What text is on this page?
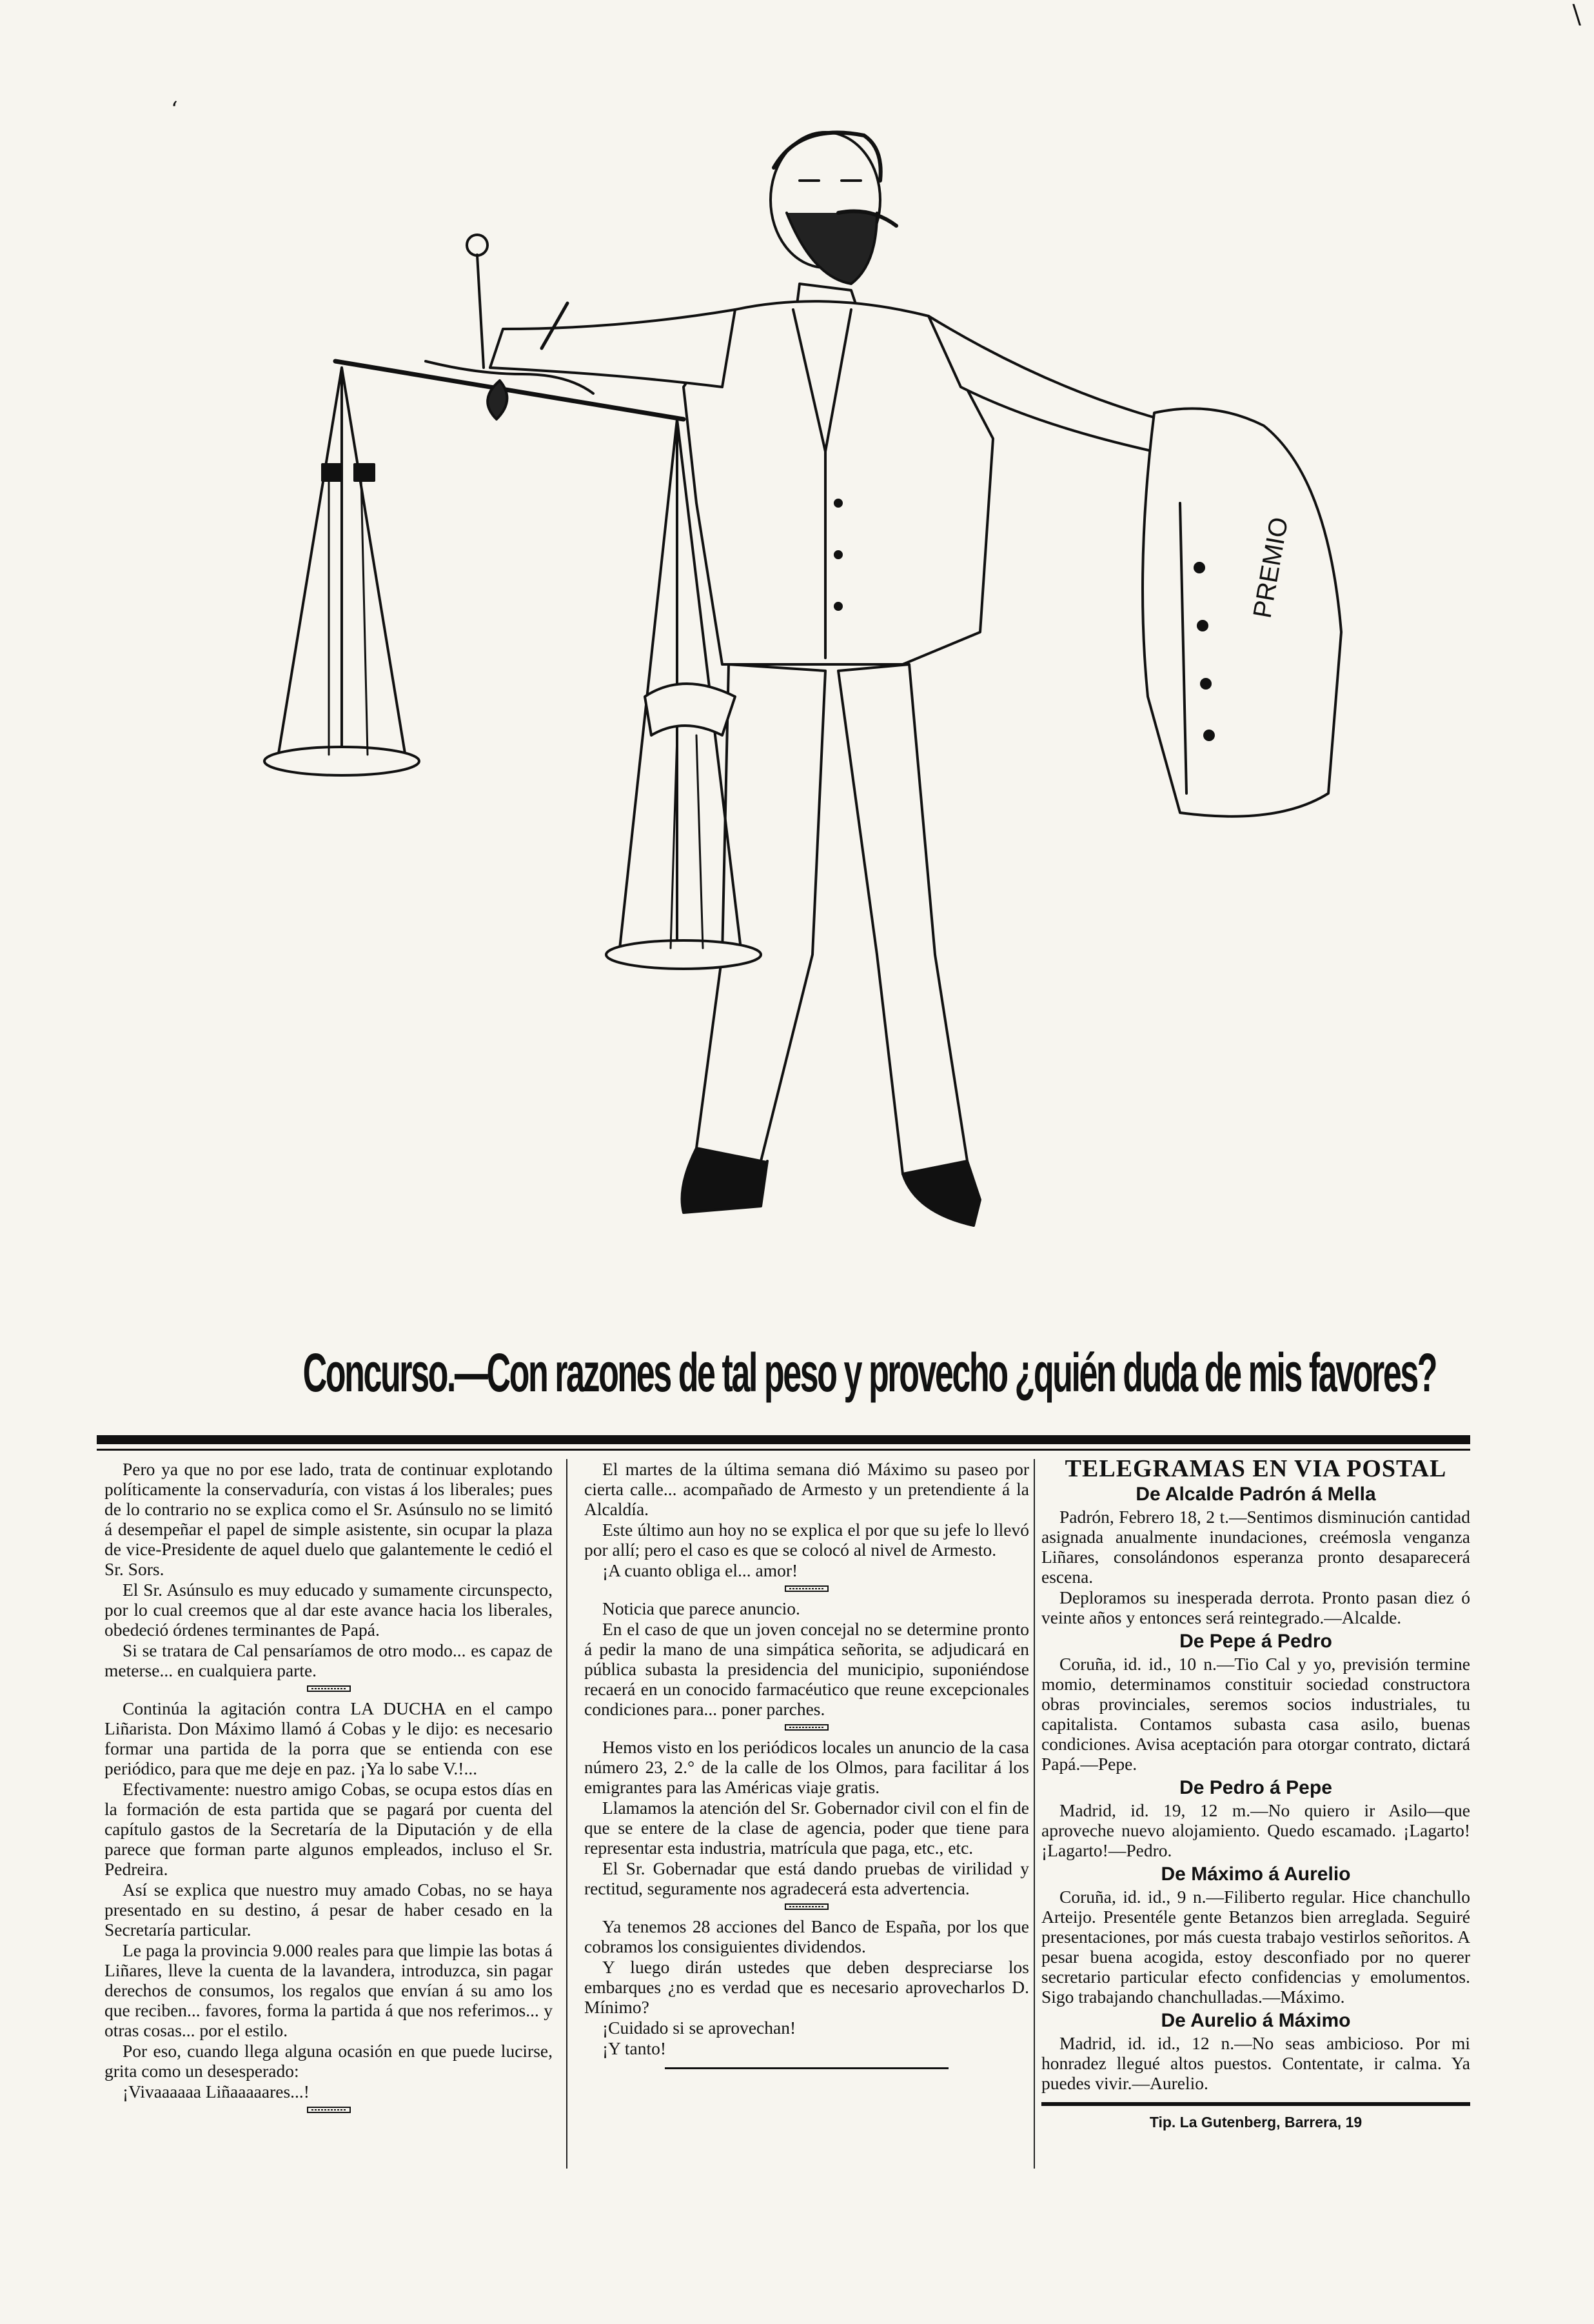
‘
\
PREMIO
Concurso.—Con razones de tal peso y provecho ¿quién duda de mis favores?

Pero ya que no por ese lado, trata de continuar explotando políticamente la conservaduría, con vistas á los liberales; pues de lo contrario no se explica como el Sr. Asúnsulo no se limitó á desempeñar el papel de simple asistente, sin ocupar la plaza de vice-Presidente de aquel duelo que galantemente le cedió el Sr. Sors.

El Sr. Asúnsulo es muy educado y sumamente circunspecto, por lo cual creemos que al dar este avance hacia los liberales, obedeció órdenes terminantes de Papá.

Si se tratara de Cal pensaríamos de otro modo... es capaz de meterse... en cualquiera parte.

Continúa la agitación contra LA DUCHA en el campo Liñarista. Don Máximo llamó á Cobas y le dijo: es necesario formar una partida de la porra que se entienda con ese periódico, para que me deje en paz. ¡Ya lo sabe V.!...

Efectivamente: nuestro amigo Cobas, se ocupa estos días en la formación de esta partida que se pagará por cuenta del capítulo gastos de la Secretaría de la Diputación y de ella parece que forman parte algunos empleados, incluso el Sr. Pedreira.

Así se explica que nuestro muy amado Cobas, no se haya presentado en su destino, á pesar de haber cesado en la Secretaría particular.

Le paga la provincia 9.000 reales para que limpie las botas á Liñares, lleve la cuenta de la lavandera, introduzca, sin pagar derechos de consumos, los regalos que envían á su amo los que reciben... favores, forma la partida á que nos referimos... y otras cosas... por el estilo.

Por eso, cuando llega alguna ocasión en que puede lucirse, grita como un desesperado:

¡Vivaaaaaa Liñaaaaares...!

El martes de la última semana dió Máximo su paseo por cierta calle... acompañado de Armesto y un pretendiente á la Alcaldía.

Este último aun hoy no se explica el por que su jefe lo llevó por allí; pero el caso es que se colocó al nivel de Armesto.

¡A cuanto obliga el... amor!

Noticia que parece anuncio.

En el caso de que un joven concejal no se determine pronto á pedir la mano de una simpática señorita, se adjudicará en pública subasta la presidencia del municipio, suponiéndose recaerá en un conocido farmacéutico que reune excepcionales condiciones para... poner parches.

Hemos visto en los periódicos locales un anuncio de la casa número 23, 2.° de la calle de los Olmos, para facilitar á los emigrantes para las Américas viaje gratis.

Llamamos la atención del Sr. Gobernador civil con el fin de que se entere de la clase de agencia, poder que tiene para representar esta industria, matrícula que paga, etc., etc.

El Sr. Gobernadar que está dando pruebas de virilidad y rectitud, seguramente nos agradecerá esta advertencia.

Ya tenemos 28 acciones del Banco de España, por los que cobramos los consiguientes dividendos.

Y luego dirán ustedes que deben despreciarse los embarques ¿no es verdad que es necesario aprovecharlos D. Mínimo?

¡Cuidado si se aprovechan!

¡Y tanto!

TELEGRAMAS EN VIA POSTAL
De Alcalde Padrón á Mella

Padrón, Febrero 18, 2 t.—Sentimos disminución cantidad asignada anualmente inundaciones, creémosla venganza Liñares, consolándonos esperanza pronto desaparecerá escena.

Deploramos su inesperada derrota. Pronto pasan diez ó veinte años y entonces será reintegrado.—Alcalde.

De Pepe á Pedro

Coruña, id. id., 10 n.—Tio Cal y yo, previsión termine momio, determinamos constituir sociedad constructora obras provinciales, seremos socios industriales, tu capitalista. Contamos subasta casa asilo, buenas condiciones. Avisa aceptación para otorgar contrato, dictará Papá.—Pepe.

De Pedro á Pepe

Madrid, id. 19, 12 m.—No quiero ir Asilo—que aproveche nuevo alojamiento. Quedo escamado. ¡Lagarto! ¡Lagarto!—Pedro.

De Máximo á Aurelio

Coruña, id. id., 9 n.—Filiberto regular. Hice chanchullo Arteijo. Presentéle gente Betanzos bien arreglada. Seguiré presentaciones, por más cuesta trabajo vestirlos señoritos. A pesar buena acogida, estoy desconfiado por no querer secretario particular efecto confidencias y emolumentos. Sigo trabajando chanchulladas.—Máximo.

De Aurelio á Máximo

Madrid, id. id., 12 n.—No seas ambicioso. Por mi honradez llegué altos puestos. Contentate, ir calma. Ya puedes vivir.—Aurelio.

Tip. La Gutenberg, Barrera, 19
